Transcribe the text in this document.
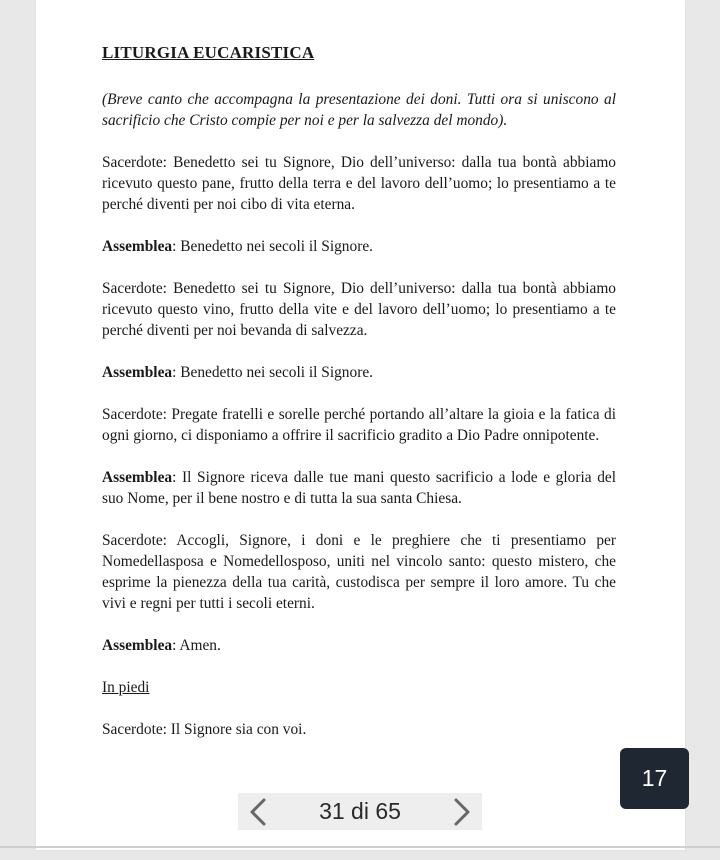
LITURGIA EUCARISTICA
(Breve canto che accompagna la presentazione dei doni. Tutti ora si uniscono al sacrificio che Cristo compie per noi e per la salvezza del mondo).
Sacerdote: Benedetto sei tu Signore, Dio dell’universo: dalla tua bontà abbiamo ricevuto questo pane, frutto della terra e del lavoro dell’uomo; lo presentiamo a te perché diventi per noi cibo di vita eterna.
Assemblea: Benedetto nei secoli il Signore.
Sacerdote: Benedetto sei tu Signore, Dio dell’universo: dalla tua bontà abbiamo ricevuto questo vino, frutto della vite e del lavoro dell’uomo; lo presentiamo a te perché diventi per noi bevanda di salvezza.
Assemblea: Benedetto nei secoli il Signore.
Sacerdote: Pregate fratelli e sorelle perché portando all’altare la gioia e la fatica di ogni giorno, ci disponiamo a offrire il sacrificio gradito a Dio Padre onnipotente.
Assemblea: Il Signore riceva dalle tue mani questo sacrificio a lode e gloria del suo Nome, per il bene nostro e di tutta la sua santa Chiesa.
Sacerdote: Accogli, Signore, i doni e le preghiere che ti presentiamo per Nomedellasposa e Nomedellosposo, uniti nel vincolo santo: questo mistero, che esprime la pienezza della tua carità, custodisca per sempre il loro amore. Tu che vivi e regni per tutti i secoli eterni.
Assemblea: Amen.
In piedi
Sacerdote: Il Signore sia con voi.
17
31 di 65
